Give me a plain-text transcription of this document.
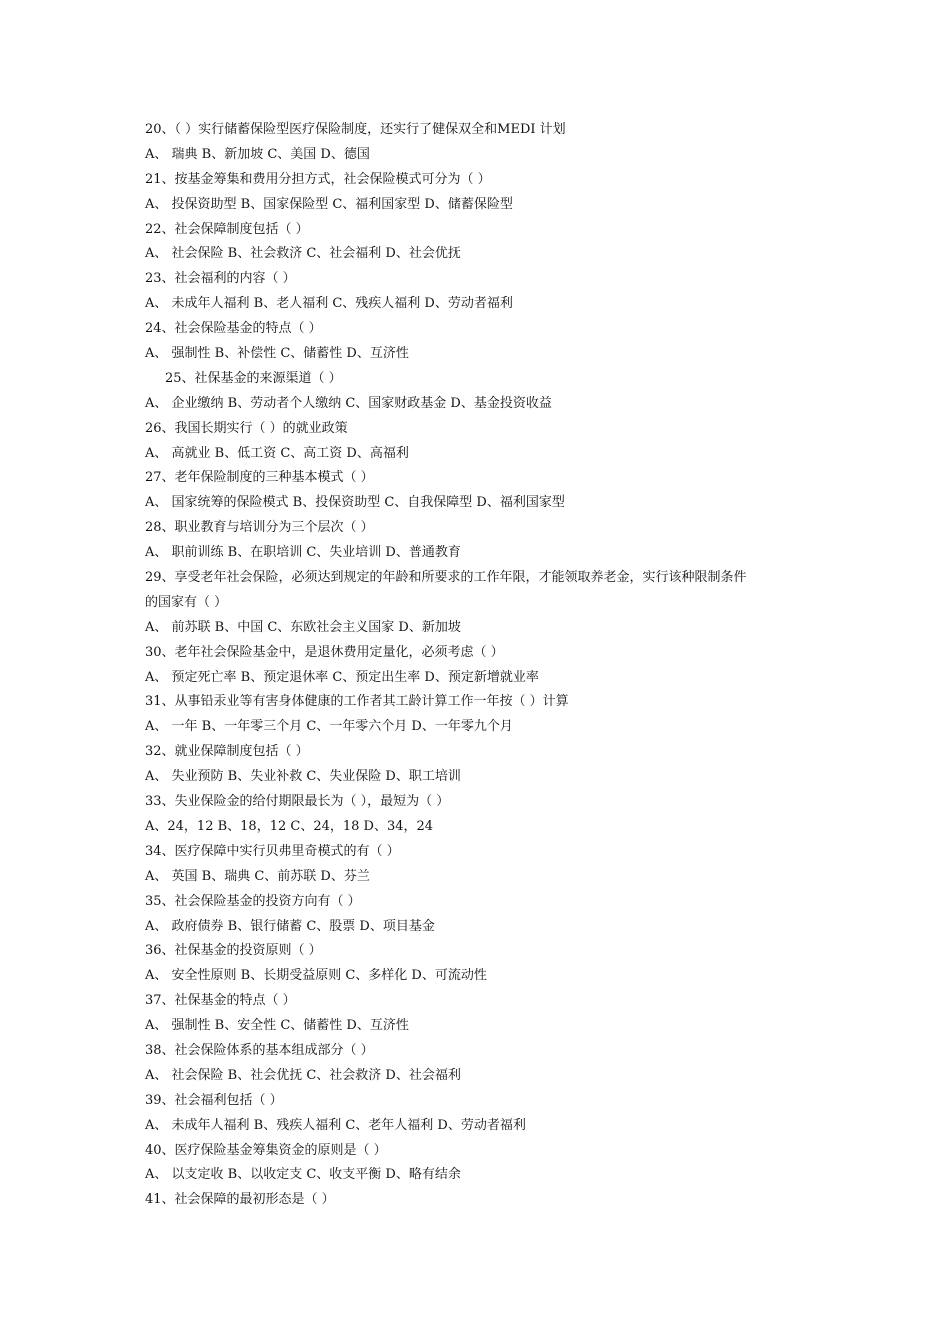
20、（ ）实行储蓄保险型医疗保险制度，还实行了健保双全和MEDI 计划
A、 瑞典 B、新加坡 C、美国 D、德国
21、按基金筹集和费用分担方式，社会保险模式可分为（ ）
A、 投保资助型 B、国家保险型 C、福利国家型 D、储蓄保险型
22、社会保障制度包括（ ）
A、 社会保险 B、社会救济 C、社会福利 D、社会优抚
23、社会福利的内容（ ）
A、 未成年人福利 B、老人福利 C、残疾人福利 D、劳动者福利
24、社会保险基金的特点（ ）
A、 强制性 B、补偿性 C、储蓄性 D、互济性
25、社保基金的来源渠道（ ）
A、 企业缴纳 B、劳动者个人缴纳 C、国家财政基金 D、基金投资收益
26、我国长期实行（ ）的就业政策
A、 高就业 B、低工资 C、高工资 D、高福利
27、老年保险制度的三种基本模式（ ）
A、 国家统筹的保险模式 B、投保资助型 C、自我保障型 D、福利国家型
28、职业教育与培训分为三个层次（ ）
A、 职前训练 B、在职培训 C、失业培训 D、普通教育
29、享受老年社会保险，必须达到规定的年龄和所要求的工作年限，才能领取养老金，实行该种限制条件
的国家有（ ）
A、 前苏联 B、中国 C、东欧社会主义国家 D、新加坡
30、老年社会保险基金中，是退休费用定量化，必须考虑（ ）
A、 预定死亡率 B、预定退休率 C、预定出生率 D、预定新增就业率
31、从事铅汞业等有害身体健康的工作者其工龄计算工作一年按（ ）计算
A、 一年 B、一年零三个月 C、一年零六个月 D、一年零九个月
32、就业保障制度包括（ ）
A、 失业预防 B、失业补救 C、失业保险 D、职工培训
33、失业保险金的给付期限最长为（ ），最短为（ ）
A、24，12 B、18，12 C、24，18 D、34，24
34、医疗保障中实行贝弗里奇模式的有（ ）
A、 英国 B、瑞典 C、前苏联 D、芬兰
35、社会保险基金的投资方向有（ ）
A、 政府债券 B、银行储蓄 C、股票 D、项目基金
36、社保基金的投资原则（ ）
A、 安全性原则 B、长期受益原则 C、多样化 D、可流动性
37、社保基金的特点（ ）
A、 强制性 B、安全性 C、储蓄性 D、互济性
38、社会保险体系的基本组成部分（ ）
A、 社会保险 B、社会优抚 C、社会救济 D、社会福利
39、社会福利包括（ ）
A、 未成年人福利 B、残疾人福利 C、老年人福利 D、劳动者福利
40、医疗保险基金筹集资金的原则是（ ）
A、 以支定收 B、以收定支 C、收支平衡 D、略有结余
41、社会保障的最初形态是（ ）
